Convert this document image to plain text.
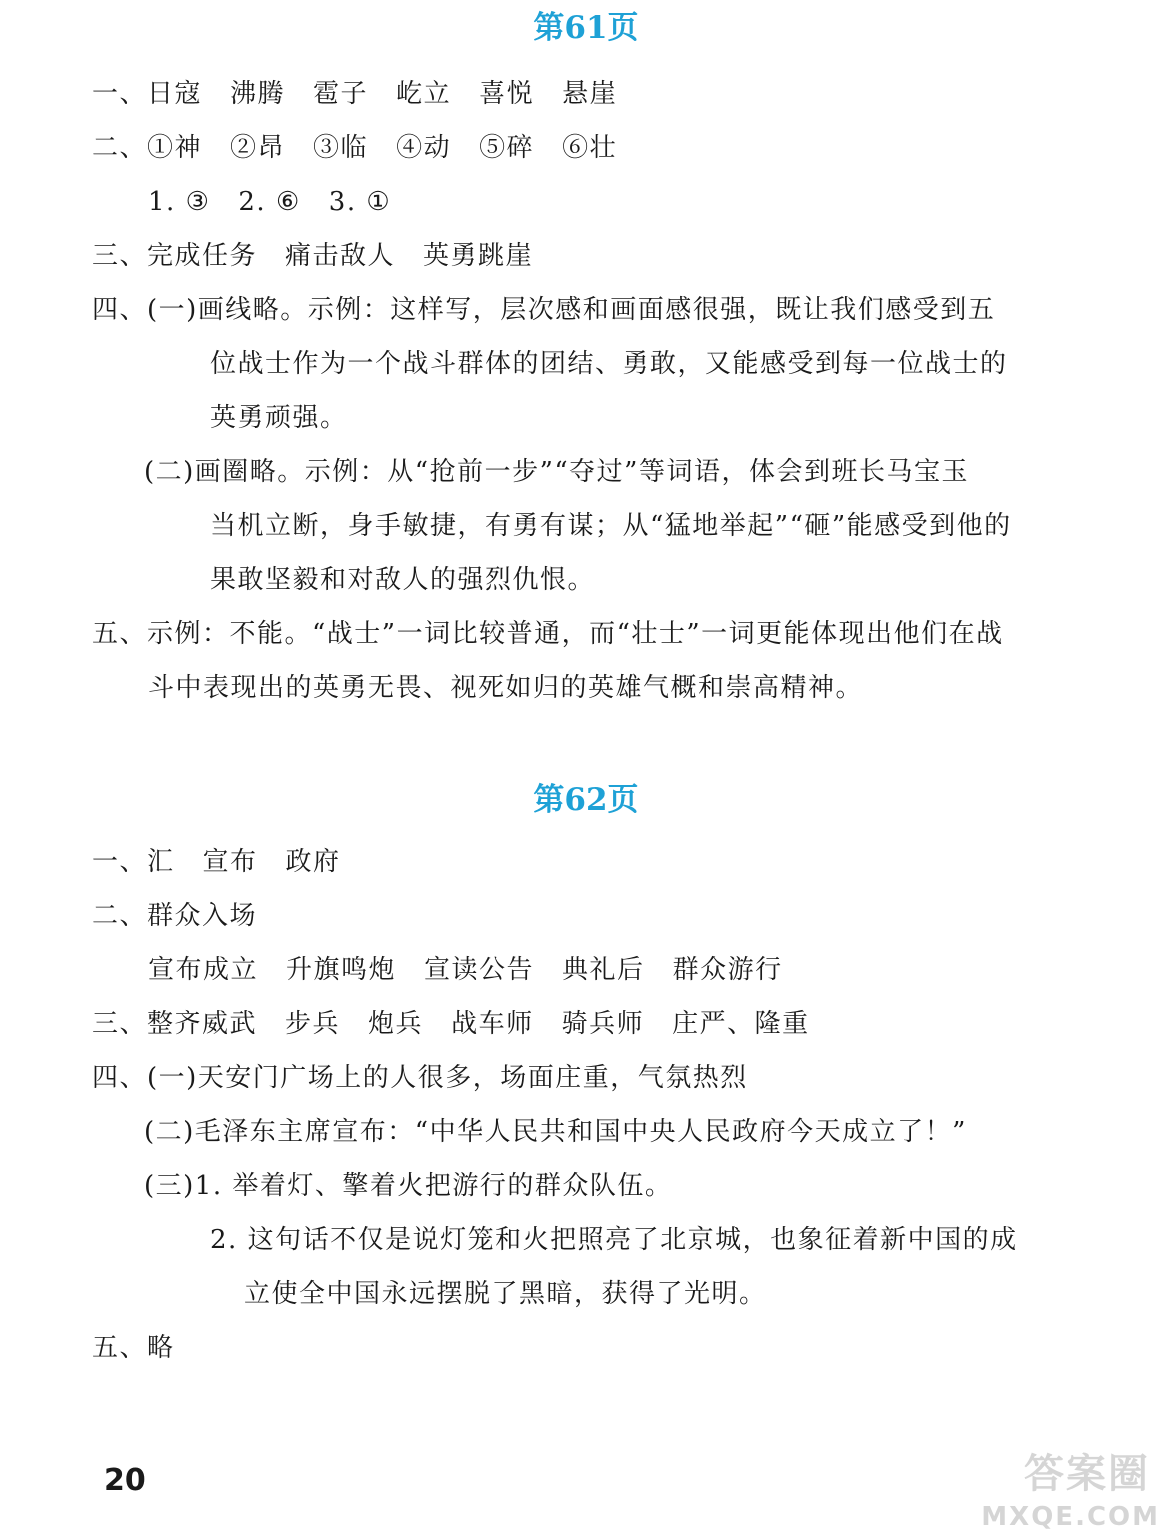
第61页
一、日寇 沸腾 雹子 屹立 喜悦 悬崖
二、①神 ②昂 ③临 ④动 ⑤碎 ⑥壮
1. ③ 2. ⑥ 3. ①
三、完成任务 痛击敌人 英勇跳崖
四、(一)画线略。示例：这样写，层次感和画面感很强，既让我们感受到五
位战士作为一个战斗群体的团结、勇敢，又能感受到每一位战士的
英勇顽强。
(二)画圈略。示例：从“抢前一步”“夺过”等词语，体会到班长马宝玉
当机立断，身手敏捷，有勇有谋；从“猛地举起”“砸”能感受到他的
果敢坚毅和对敌人的强烈仇恨。
五、示例：不能。“战士”一词比较普通，而“壮士”一词更能体现出他们在战
斗中表现出的英勇无畏、视死如归的英雄气概和崇高精神。
第62页
一、汇 宣布 政府
二、群众入场
宣布成立 升旗鸣炮 宣读公告 典礼后 群众游行
三、整齐威武 步兵 炮兵 战车师 骑兵师 庄严、隆重
四、(一)天安门广场上的人很多，场面庄重，气氛热烈
(二)毛泽东主席宣布：“中华人民共和国中央人民政府今天成立了！”
(三)1. 举着灯、擎着火把游行的群众队伍。
2. 这句话不仅是说灯笼和火把照亮了北京城，也象征着新中国的成
立使全中国永远摆脱了黑暗，获得了光明。
五、略
20	答案圈
MXQE.COM
